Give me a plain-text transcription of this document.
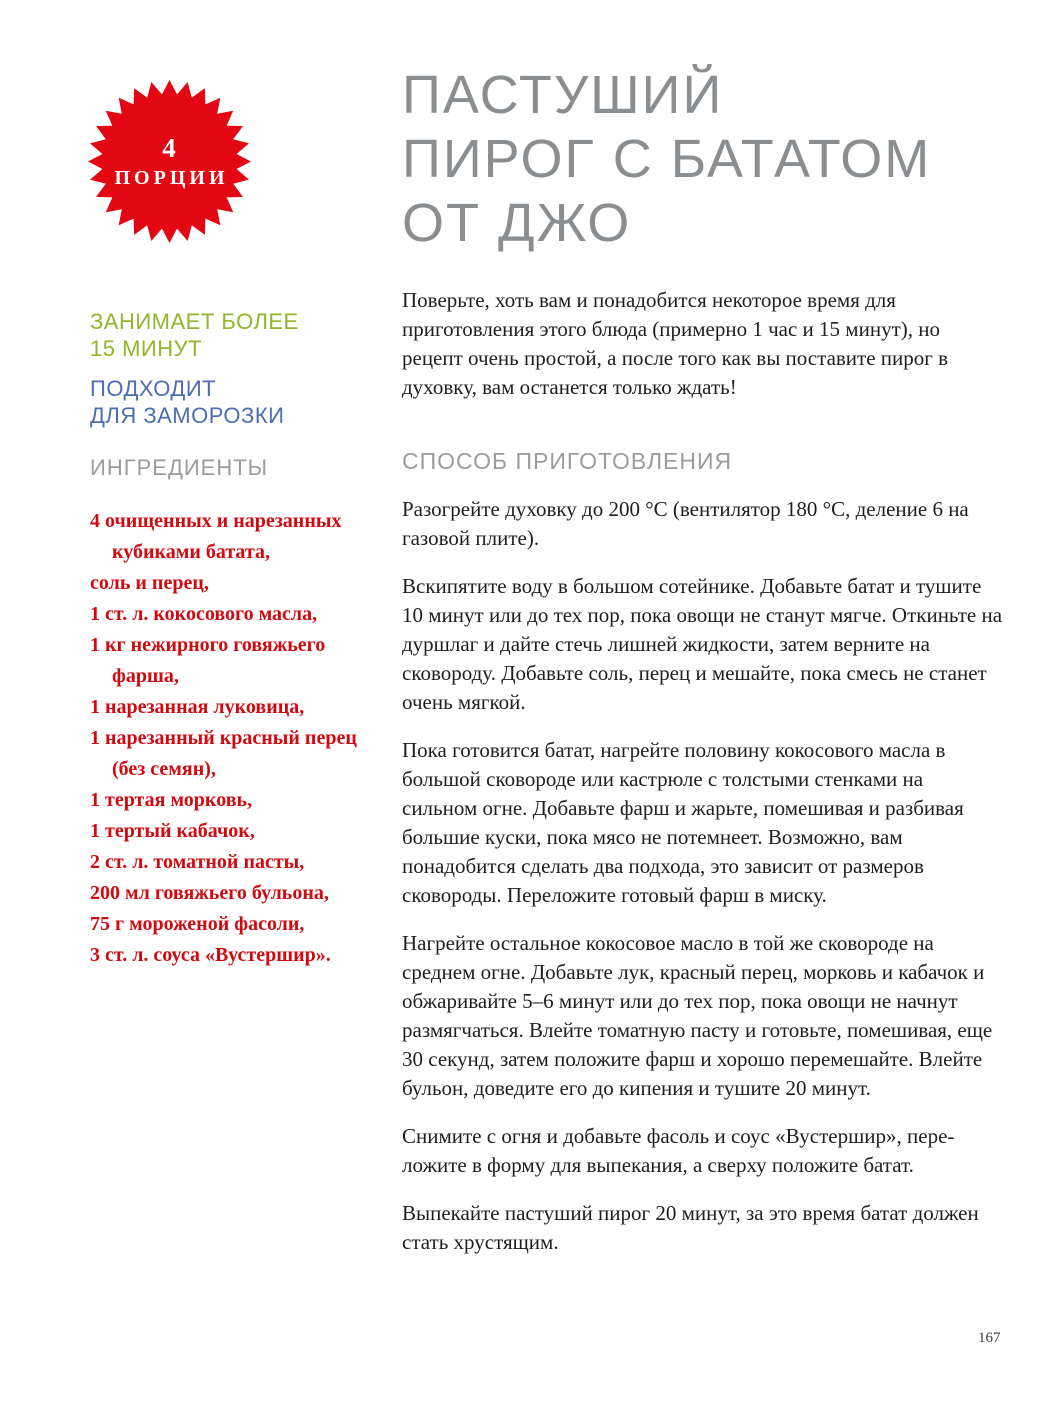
4
ПОРЦИИ
ПАСТУШИЙ
ПИРОГ С БАТАТОМ
ОТ ДЖО
ЗАНИМАЕТ БОЛЕЕ
15 МИНУТ
ПОДХОДИТ
ДЛЯ ЗАМОРОЗКИ
ИНГРЕДИЕНТЫ
4 очищенных и нарезанных кубиками батата,
соль и перец,
1 ст. л. кокосового масла,
1 кг нежирного говяжьего фарша,
1 нарезанная луковица,
1 нарезанный красный перец (без семян),
1 тертая морковь,
1 тертый кабачок,
2 ст. л. томатной пасты,
200 мл говяжьего бульона,
75 г мороженой фасоли,
3 ст. л. соуса «Вустершир».

Поверьте, хоть вам и понадобится некоторое время для приготовления этого блюда (примерно 1 час и 15 минут), но рецепт очень простой, а после того как вы поставите пирог в духовку, вам останется только ждать!

СПОСОБ ПРИГОТОВЛЕНИЯ

Разогрейте духовку до 200 °C (вентилятор 180 °C, деление 6 на газовой плите).

Вскипятите воду в большом сотейнике. Добавьте батат и тушите 10 минут или до тех пор, пока овощи не станут мягче. Откиньте на дуршлаг и дайте стечь лишней жидкости, затем верните на сковороду. Добавьте соль, перец и мешайте, пока смесь не станет очень мягкой.

Пока готовится батат, нагрейте половину кокосового масла в большой сковороде или кастрюле с толстыми стенками на сильном огне. Добавьте фарш и жарьте, помешивая и разбивая большие куски, пока мясо не потемнеет. Возможно, вам понадобится сделать два подхода, это зависит от размеров сковороды. Переложите готовый фарш в миску.

Нагрейте остальное кокосовое масло в той же сковороде на среднем огне. Добавьте лук, красный перец, морковь и кабачок и обжаривайте 5–6 минут или до тех пор, пока овощи не начнут размягчаться. Влейте томатную пасту и готовьте, помешивая, еще 30 секунд, затем положите фарш и хорошо перемешайте. Влейте бульон, доведите его до кипения и тушите 20 минут.

Снимите с огня и добавьте фасоль и соус «Вустершир», переложите в форму для выпекания, а сверху положите батат.

Выпекайте пастуший пирог 20 минут, за это время батат должен стать хрустящим.

167
